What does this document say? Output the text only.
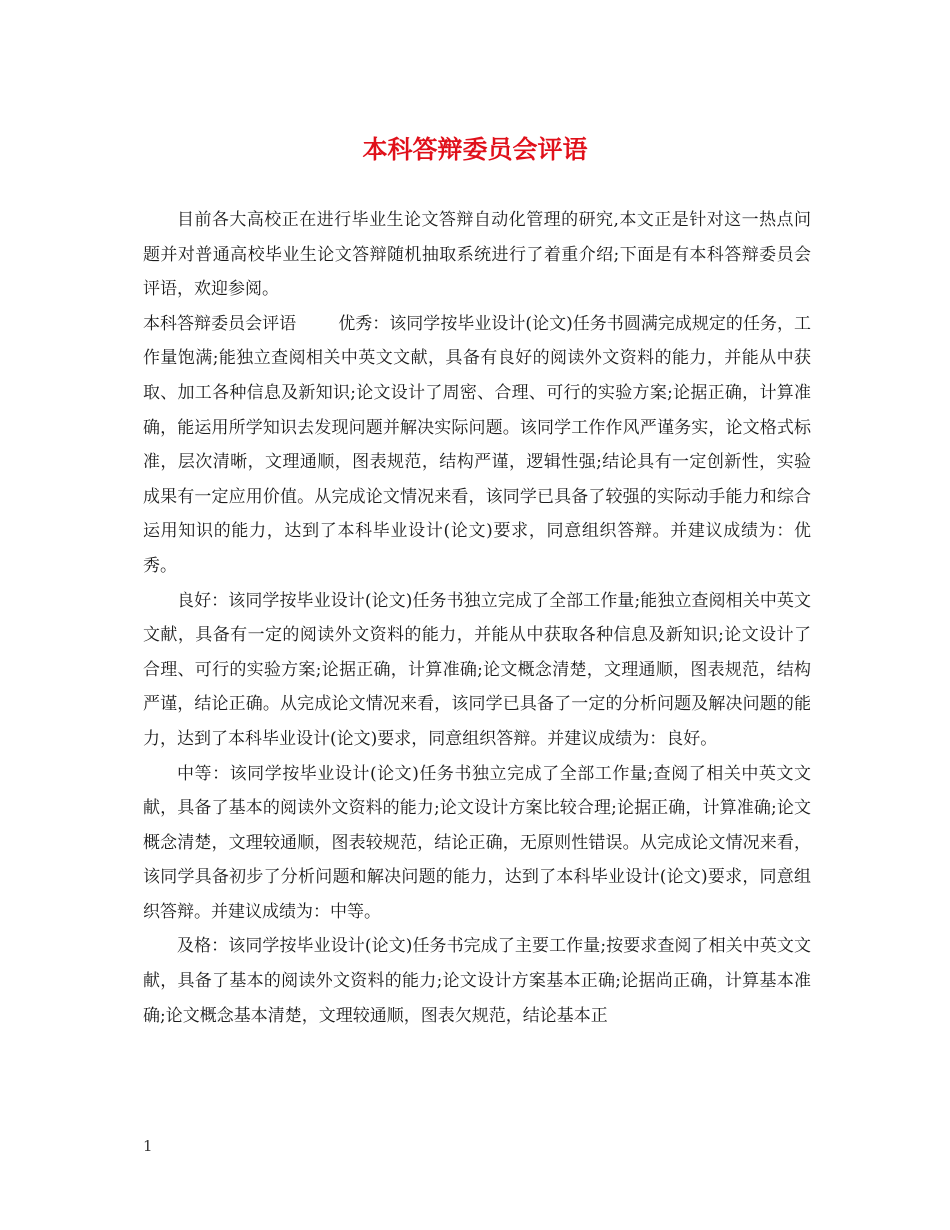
本科答辩委员会评语

目前各大高校正在进行毕业生论文答辩自动化管理的研究,本文正是针对这一热点问题并对普通高校毕业生论文答辩随机抽取系统进行了着重介绍;下面是有本科答辩委员会评语，欢迎参阅。

本科答辩委员会评语 优秀：该同学按毕业设计(论文)任务书圆满完成规定的任务，工作量饱满;能独立查阅相关中英文文献，具备有良好的阅读外文资料的能力，并能从中获取、加工各种信息及新知识;论文设计了周密、合理、可行的实验方案;论据正确，计算准确，能运用所学知识去发现问题并解决实际问题。该同学工作作风严谨务实，论文格式标准，层次清晰，文理通顺，图表规范，结构严谨，逻辑性强;结论具有一定创新性，实验成果有一定应用价值。从完成论文情况来看，该同学已具备了较强的实际动手能力和综合运用知识的能力，达到了本科毕业设计(论文)要求，同意组织答辩。并建议成绩为：优秀。

良好：该同学按毕业设计(论文)任务书独立完成了全部工作量;能独立查阅相关中英文文献，具备有一定的阅读外文资料的能力，并能从中获取各种信息及新知识;论文设计了合理、可行的实验方案;论据正确，计算准确;论文概念清楚，文理通顺，图表规范，结构严谨，结论正确。从完成论文情况来看，该同学已具备了一定的分析问题及解决问题的能力，达到了本科毕业设计(论文)要求，同意组织答辩。并建议成绩为：良好。

中等：该同学按毕业设计(论文)任务书独立完成了全部工作量;查阅了相关中英文文献，具备了基本的阅读外文资料的能力;论文设计方案比较合理;论据正确，计算准确;论文概念清楚，文理较通顺，图表较规范，结论正确，无原则性错误。从完成论文情况来看，该同学具备初步了分析问题和解决问题的能力，达到了本科毕业设计(论文)要求，同意组织答辩。并建议成绩为：中等。

及格：该同学按毕业设计(论文)任务书完成了主要工作量;按要求查阅了相关中英文文献，具备了基本的阅读外文资料的能力;论文设计方案基本正确;论据尚正确，计算基本准确;论文概念基本清楚，文理较通顺，图表欠规范，结论基本正

1
